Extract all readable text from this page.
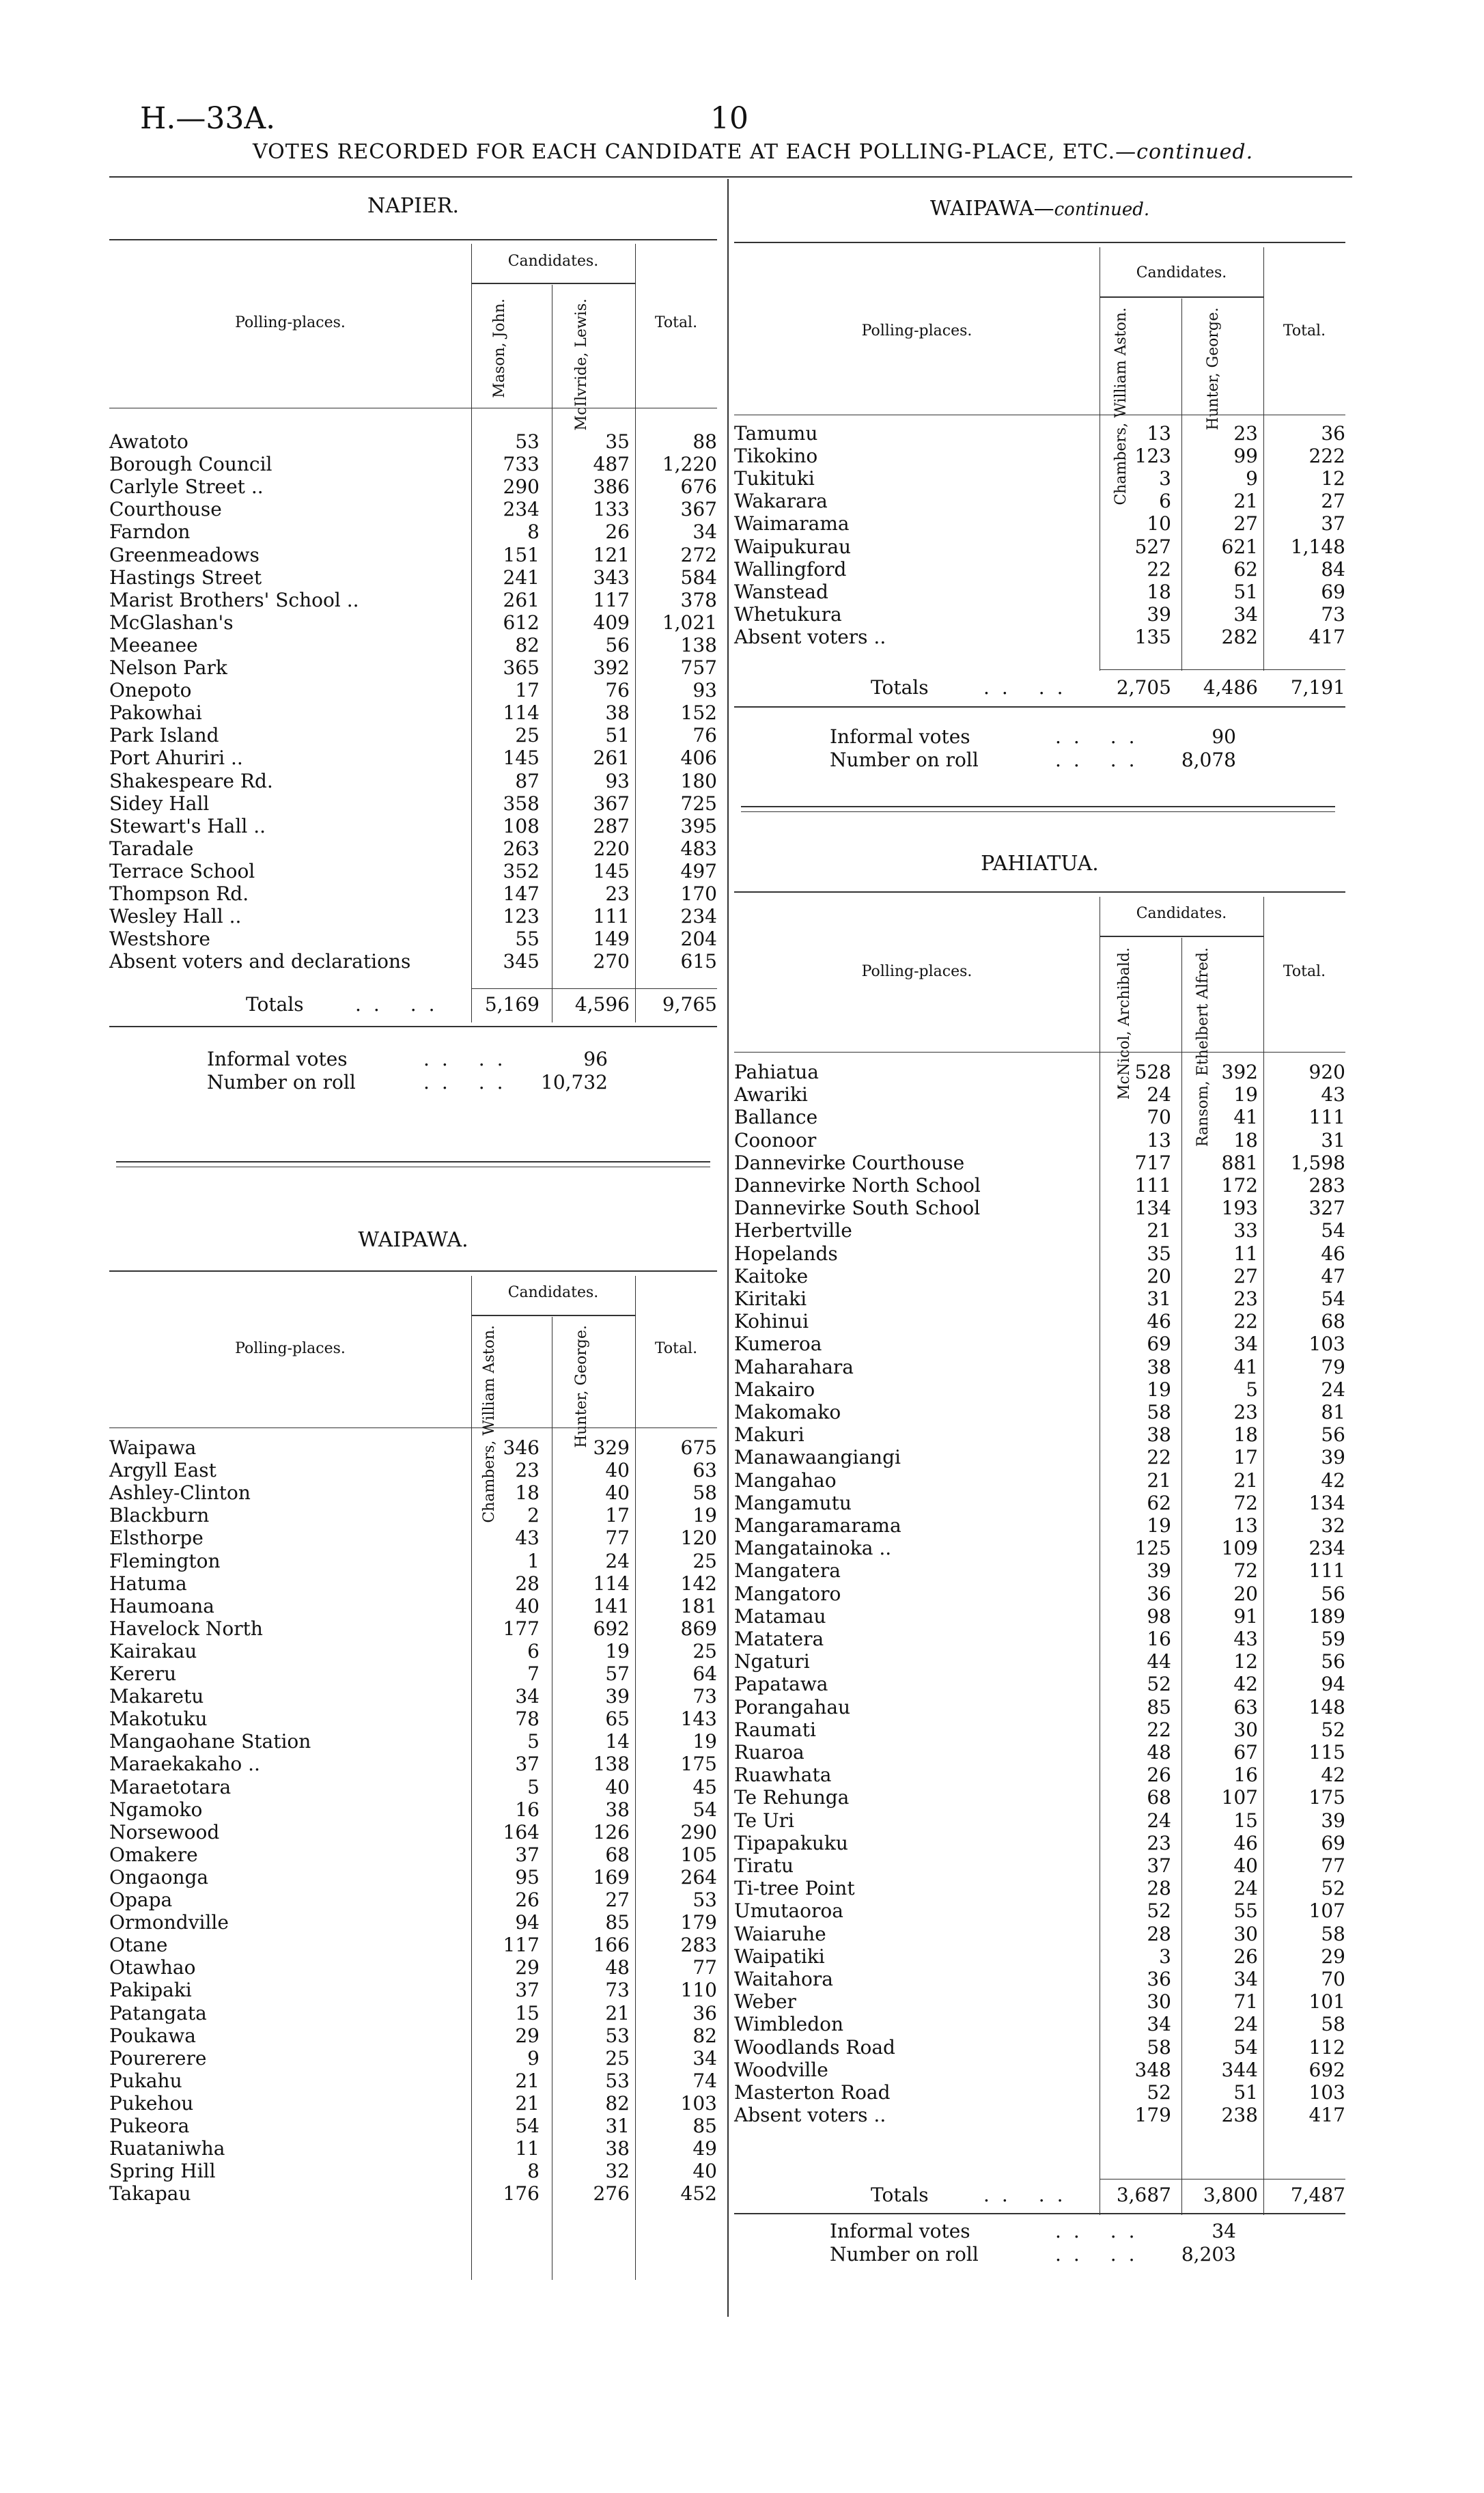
H.—33A.	10
VOTES RECORDED FOR EACH CANDIDATE AT EACH POLLING-PLACE, ETC.—continued.
NAPIER.
Candidates.
Polling-places.	Mason, John.	McIlvride, Lewis.	Total.
Awatoto	53	35	88
Borough Council	733	487 1,220
Carlyle Street ..	290	386	676
Courthouse	234	133	367
Farndon	8	26	34
Greenmeadows	151	121	272
Hastings Street	241	343	584
Marist Brothers' School ..	261	117	378
McGlashan's	612	409 1,021
Meeanee	82	56	138
Nelson Park	365	392	757
Onepoto	17	76	93
Pakowhai	114	38	152
Park Island	25	51	76
Port Ahuriri ..	145	261	406
Shakespeare Rd.	87	93	180
Sidey Hall	358	367	725
Stewart's Hall ..	108	287	395
Taradale	263	220	483
Terrace School	352	145	497
Thompson Rd.	147	23	170
Wesley Hall ..	123	111	234
Westshore	55	149	204
Absent voters and declarations	345	270	615
Totals	.. .. 5,169 4,596 9,765
Informal votes	.. ..	96
Number on roll	.. .. 10,732
WAIPAWA.
Candidates.
Polling-places.	Chambers, William Aston.	Hunter, George.	Total.
Waipawa	346	329	675
Argyll East	23	40	63
Ashley-Clinton	18	40	58
Blackburn	2	17	19
Elsthorpe	43	77	120
Flemington	1	24	25
Hatuma	28	114	142
Haumoana	40	141	181
Havelock North	177	692	869
Kairakau	6	19	25
Kereru	7	57	64
Makaretu	34	39	73
Makotuku	78	65	143
Mangaohane Station	5	14	19
Maraekakaho ..	37	138	175
Maraetotara	5	40	45
Ngamoko	16	38	54
Norsewood	164	126	290
Omakere	37	68	105
Ongaonga	95	169	264
Opapa	26	27	53
Ormondville	94	85	179
Otane	117	166	283
Otawhao	29	48	77
Pakipaki	37	73	110
Patangata	15	21	36
Poukawa	29	53	82
Pourerere	9	25	34
Pukahu	21	53	74
Pukehou	21	82	103
Pukeora	54	31	85
Ruataniwha	11	38	49
Spring Hill	8	32	40
Takapau	176	276	452
WAIPAWA—continued.
Candidates.
Polling-places.	Chambers, William Aston.	Hunter, George.	Total.
Tamumu	13	23	36
Tikokino	123	99	222
Tukituki	3	9	12
Wakarara	6	21	27
Waimarama	10	27	37
Waipukurau	527	621 1,148
Wallingford	22	62	84
Wanstead	18	51	69
Whetukura	39	34	73
Absent voters ..	135	282	417
Totals	.. .. 2,705 4,486 7,191
Informal votes	.. ..	90
Number on roll	.. .. 8,078
PAHIATUA.
Candidates.
Polling-places.	McNicol, Archibald.	Ransom, Ethelbert Alfred.	Total.
Pahiatua	528	392	920
Awariki	24	19	43
Ballance	70	41	111
Coonoor	13	18	31
Dannevirke Courthouse	717	881 1,598
Dannevirke North School	111	172	283
Dannevirke South School	134	193	327
Herbertville	21	33	54
Hopelands	35	11	46
Kaitoke	20	27	47
Kiritaki	31	23	54
Kohinui	46	22	68
Kumeroa	69	34	103
Maharahara	38	41	79
Makairo	19	5	24
Makomako	58	23	81
Makuri	38	18	56
Manawaangiangi	22	17	39
Mangahao	21	21	42
Mangamutu	62	72	134
Mangaramarama	19	13	32
Mangatainoka ..	125	109	234
Mangatera	39	72	111
Mangatoro	36	20	56
Matamau	98	91	189
Matatera	16	43	59
Ngaturi	44	12	56
Papatawa	52	42	94
Porangahau	85	63	148
Raumati	22	30	52
Ruaroa	48	67	115
Ruawhata	26	16	42
Te Rehunga	68	107	175
Te Uri	24	15	39
Tipapakuku	23	46	69
Tiratu	37	40	77
Ti-tree Point	28	24	52
Umutaoroa	52	55	107
Waiaruhe	28	30	58
Waipatiki	3	26	29
Waitahora	36	34	70
Weber	30	71	101
Wimbledon	34	24	58
Woodlands Road	58	54	112
Woodville	348	344	692
Masterton Road	52	51	103
Absent voters ..	179	238	417
Totals	.. .. 3,687 3,800 7,487
Informal votes	.. ..	34
Number on roll	.. .. 8,203
